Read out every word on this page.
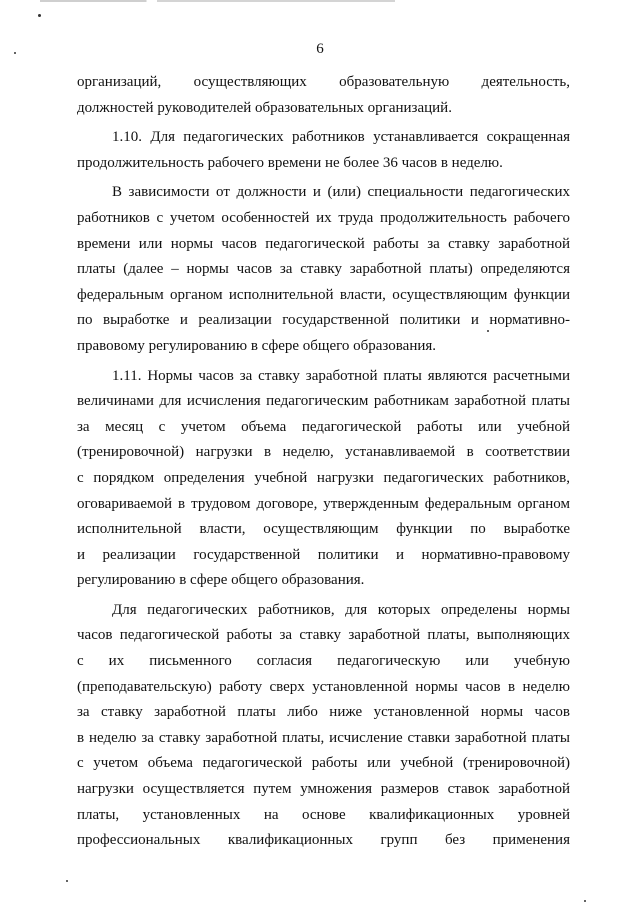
6
организаций, осуществляющих образовательную деятельность,
должностей руководителей образовательных организаций.
1.10. Для педагогических работников устанавливается сокращенная
продолжительность рабочего времени не более 36 часов в неделю.
В зависимости от должности и (или) специальности педагогических
работников с учетом особенностей их труда продолжительность рабочего
времени или нормы часов педагогической работы за ставку заработной
платы (далее – нормы часов за ставку заработной платы) определяются
федеральным органом исполнительной власти, осуществляющим функции
по выработке и реализации государственной политики и нормативно-
правовому регулированию в сфере общего образования.
1.11. Нормы часов за ставку заработной платы являются расчетными
величинами для исчисления педагогическим работникам заработной платы
за месяц с учетом объема педагогической работы или учебной
(тренировочной) нагрузки в неделю, устанавливаемой в соответствии
с порядком определения учебной нагрузки педагогических работников,
оговариваемой в трудовом договоре, утвержденным федеральным органом
исполнительной власти, осуществляющим функции по выработке
и реализации государственной политики и нормативно-правовому
регулированию в сфере общего образования.
Для педагогических работников, для которых определены нормы
часов педагогической работы за ставку заработной платы, выполняющих
с их письменного согласия педагогическую или учебную
(преподавательскую) работу сверх установленной нормы часов в неделю
за ставку заработной платы либо ниже установленной нормы часов
в неделю за ставку заработной платы, исчисление ставки заработной платы
с учетом объема педагогической работы или учебной (тренировочной)
нагрузки осуществляется путем умножения размеров ставок заработной
платы, установленных на основе квалификационных уровней
профессиональных квалификационных групп без применения
